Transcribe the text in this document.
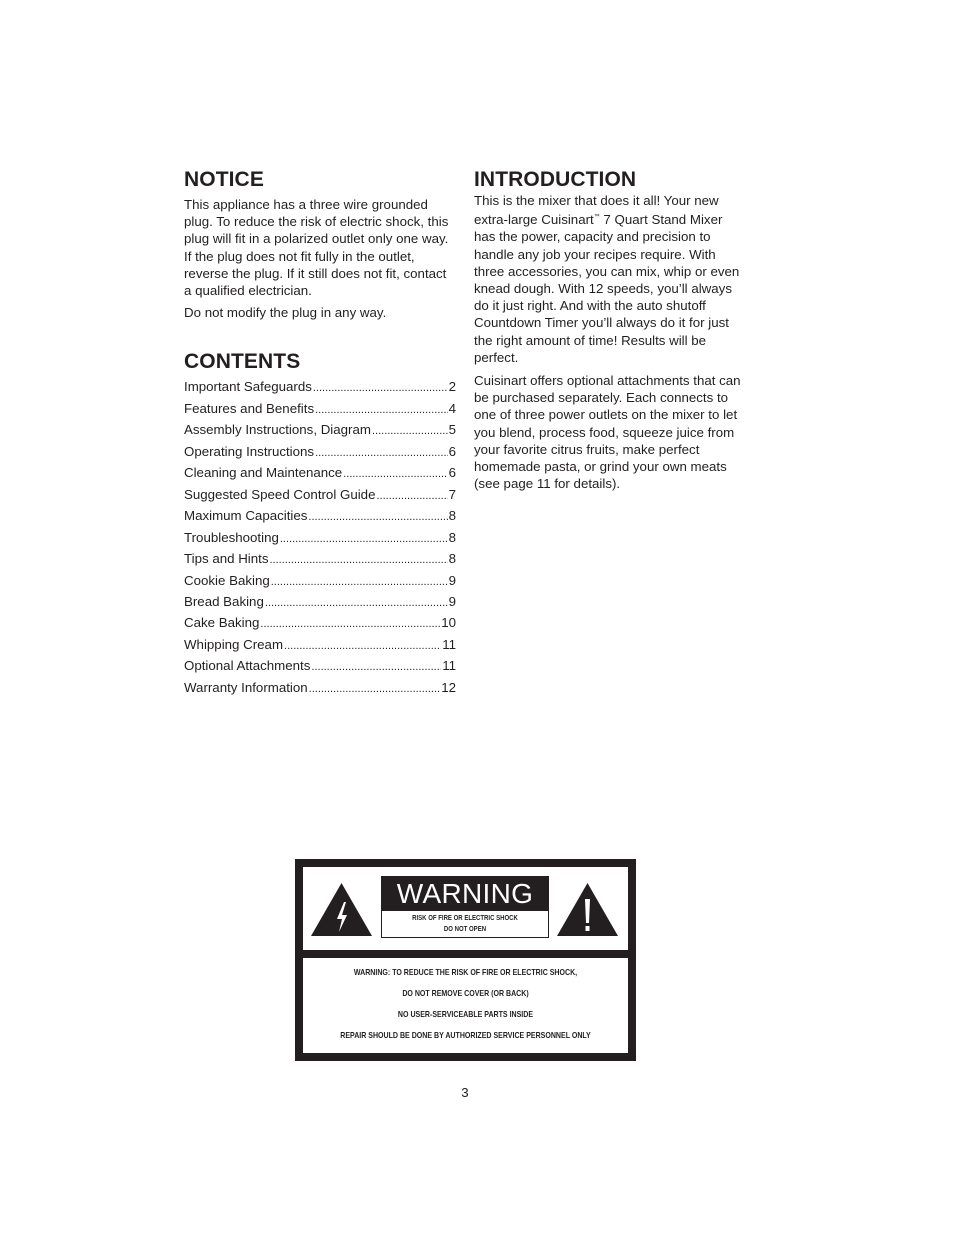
NOTICE

This appliance has a three wire grounded plug. To reduce the risk of electric shock, this plug will fit in a polarized outlet only one way. If the plug does not fit fully in the outlet, reverse the plug. If it still does not fit, contact a qualified electrician.

Do not modify the plug in any way.

CONTENTS
Important Safeguards .....	2
Features and Benefits .....	4
Assembly Instructions, Diagram .....	5
Operating Instructions .....	6
Cleaning and Maintenance .....	6
Suggested Speed Control Guide .....	7
Maximum Capacities .....	8
Troubleshooting .....	8
Tips and Hints .....	8
Cookie Baking .....	9
Bread Baking .....	9
Cake Baking .....	10
Whipping Cream .....	11
Optional Attachments .....	11
Warranty Information .....	12
INTRODUCTION

This is the mixer that does it all! Your new extra-large Cuisinart™ 7 Quart Stand Mixer has the power, capacity and precision to handle any job your recipes require. With three accessories, you can mix, whip or even knead dough. With 12 speeds, you’ll always do it just right. And with the auto shutoff Countdown Timer you’ll always do it for just the right amount of time! Results will be perfect.

Cuisinart offers optional attachments that can be purchased separately. Each connects to one of three power outlets on the mixer to let you blend, process food, squeeze juice from your favorite citrus fruits, make perfect homemade pasta, or grind your own meats (see page 11 for details).

WARNING
RISK OF FIRE OR ELECTRIC SHOCK
DO NOT OPEN
WARNING: TO REDUCE THE RISK OF FIRE OR ELECTRIC SHOCK,
DO NOT REMOVE COVER (OR BACK)
NO USER-SERVICEABLE PARTS INSIDE
REPAIR SHOULD BE DONE BY AUTHORIZED SERVICE PERSONNEL ONLY
3
